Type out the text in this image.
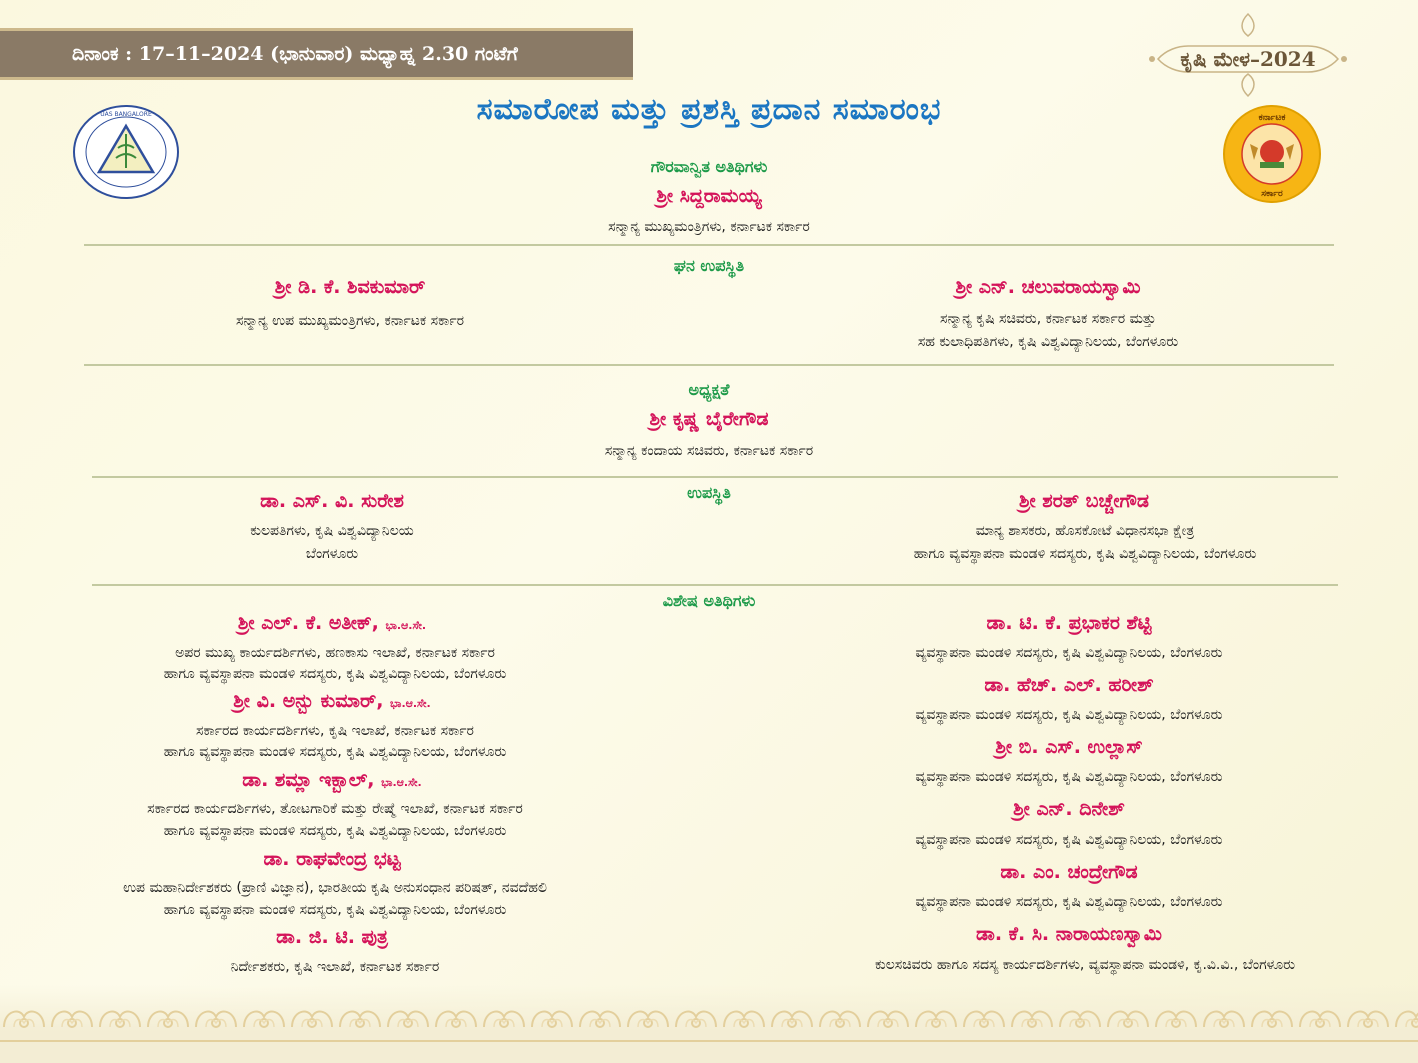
ದಿನಾಂಕ : 17–11–2024 (ಭಾನುವಾರ) ಮಧ್ಯಾಹ್ನ 2.30 ಗಂಟೆಗೆ	ಕೃಷಿ ಮೇಳ–2024
UAS BANGALORE	ಸಮಾರೋಪ ಮತ್ತು ಪ್ರಶಸ್ತಿ ಪ್ರದಾನ ಸಮಾರಂಭ	ಕರ್ನಾಟಕ
ಸರ್ಕಾರ
ಗೌರವಾನ್ವಿತ ಅತಿಥಿಗಳು
ಶ್ರೀ ಸಿದ್ದರಾಮಯ್ಯ
ಸನ್ಮಾನ್ಯ ಮುಖ್ಯಮಂತ್ರಿಗಳು, ಕರ್ನಾಟಕ ಸರ್ಕಾರ
ಘನ ಉಪಸ್ಥಿತಿ
ಶ್ರೀ ಡಿ. ಕೆ. ಶಿವಕುಮಾರ್
ಸನ್ಮಾನ್ಯ ಉಪ ಮುಖ್ಯಮಂತ್ರಿಗಳು, ಕರ್ನಾಟಕ ಸರ್ಕಾರ
ಶ್ರೀ ಎನ್. ಚಲುವರಾಯಸ್ವಾಮಿ
ಸನ್ಮಾನ್ಯ ಕೃಷಿ ಸಚಿವರು, ಕರ್ನಾಟಕ ಸರ್ಕಾರ ಮತ್ತು
ಸಹ ಕುಲಾಧಿಪತಿಗಳು, ಕೃಷಿ ವಿಶ್ವವಿದ್ಯಾನಿಲಯ, ಬೆಂಗಳೂರು
ಅಧ್ಯಕ್ಷತೆ
ಶ್ರೀ ಕೃಷ್ಣ ಬೈರೇಗೌಡ
ಸನ್ಮಾನ್ಯ ಕಂದಾಯ ಸಚಿವರು, ಕರ್ನಾಟಕ ಸರ್ಕಾರ
ಉಪಸ್ಥಿತಿ
ಡಾ. ಎಸ್. ವಿ. ಸುರೇಶ
ಕುಲಪತಿಗಳು, ಕೃಷಿ ವಿಶ್ವವಿದ್ಯಾನಿಲಯ
ಬೆಂಗಳೂರು
ಶ್ರೀ ಶರತ್ ಬಚ್ಚೇಗೌಡ
ಮಾನ್ಯ ಶಾಸಕರು, ಹೊಸಕೋಟೆ ವಿಧಾನಸಭಾ ಕ್ಷೇತ್ರ
ಹಾಗೂ ವ್ಯವಸ್ಥಾಪನಾ ಮಂಡಳಿ ಸದಸ್ಯರು, ಕೃಷಿ ವಿಶ್ವವಿದ್ಯಾನಿಲಯ, ಬೆಂಗಳೂರು
ವಿಶೇಷ ಅತಿಥಿಗಳು
ಶ್ರೀ ಎಲ್. ಕೆ. ಅತೀಕ್, ಭಾ.ಆ.ಸೇ.
ಅಪರ ಮುಖ್ಯ ಕಾರ್ಯದರ್ಶಿಗಳು, ಹಣಕಾಸು ಇಲಾಖೆ, ಕರ್ನಾಟಕ ಸರ್ಕಾರ
ಹಾಗೂ ವ್ಯವಸ್ಥಾಪನಾ ಮಂಡಳಿ ಸದಸ್ಯರು, ಕೃಷಿ ವಿಶ್ವವಿದ್ಯಾನಿಲಯ, ಬೆಂಗಳೂರು
ಶ್ರೀ ವಿ. ಅನ್ಬು ಕುಮಾರ್, ಭಾ.ಆ.ಸೇ.
ಸರ್ಕಾರದ ಕಾರ್ಯದರ್ಶಿಗಳು, ಕೃಷಿ ಇಲಾಖೆ, ಕರ್ನಾಟಕ ಸರ್ಕಾರ
ಹಾಗೂ ವ್ಯವಸ್ಥಾಪನಾ ಮಂಡಳಿ ಸದಸ್ಯರು, ಕೃಷಿ ವಿಶ್ವವಿದ್ಯಾನಿಲಯ, ಬೆಂಗಳೂರು
ಡಾ. ಶಮ್ಲಾ ಇಕ್ಬಾಲ್, ಭಾ.ಆ.ಸೇ.
ಸರ್ಕಾರದ ಕಾರ್ಯದರ್ಶಿಗಳು, ತೋಟಗಾರಿಕೆ ಮತ್ತು ರೇಷ್ಮೆ ಇಲಾಖೆ, ಕರ್ನಾಟಕ ಸರ್ಕಾರ
ಹಾಗೂ ವ್ಯವಸ್ಥಾಪನಾ ಮಂಡಳಿ ಸದಸ್ಯರು, ಕೃಷಿ ವಿಶ್ವವಿದ್ಯಾನಿಲಯ, ಬೆಂಗಳೂರು
ಡಾ. ರಾಘವೇಂದ್ರ ಭಟ್ಟ
ಉಪ ಮಹಾನಿರ್ದೇಶಕರು (ಪ್ರಾಣಿ ವಿಜ್ಞಾನ), ಭಾರತೀಯ ಕೃಷಿ ಅನುಸಂಧಾನ ಪರಿಷತ್, ನವದೆಹಲಿ
ಹಾಗೂ ವ್ಯವಸ್ಥಾಪನಾ ಮಂಡಳಿ ಸದಸ್ಯರು, ಕೃಷಿ ವಿಶ್ವವಿದ್ಯಾನಿಲಯ, ಬೆಂಗಳೂರು
ಡಾ. ಜಿ. ಟಿ. ಪುತ್ರ
ನಿರ್ದೇಶಕರು, ಕೃಷಿ ಇಲಾಖೆ, ಕರ್ನಾಟಕ ಸರ್ಕಾರ
ಡಾ. ಟಿ. ಕೆ. ಪ್ರಭಾಕರ ಶೆಟ್ಟಿ
ವ್ಯವಸ್ಥಾಪನಾ ಮಂಡಳಿ ಸದಸ್ಯರು, ಕೃಷಿ ವಿಶ್ವವಿದ್ಯಾನಿಲಯ, ಬೆಂಗಳೂರು
ಡಾ. ಹೆಚ್. ಎಲ್. ಹರೀಶ್
ವ್ಯವಸ್ಥಾಪನಾ ಮಂಡಳಿ ಸದಸ್ಯರು, ಕೃಷಿ ವಿಶ್ವವಿದ್ಯಾನಿಲಯ, ಬೆಂಗಳೂರು
ಶ್ರೀ ಬಿ. ಎಸ್. ಉಲ್ಲಾಸ್
ವ್ಯವಸ್ಥಾಪನಾ ಮಂಡಳಿ ಸದಸ್ಯರು, ಕೃಷಿ ವಿಶ್ವವಿದ್ಯಾನಿಲಯ, ಬೆಂಗಳೂರು
ಶ್ರೀ ಎನ್. ದಿನೇಶ್
ವ್ಯವಸ್ಥಾಪನಾ ಮಂಡಳಿ ಸದಸ್ಯರು, ಕೃಷಿ ವಿಶ್ವವಿದ್ಯಾನಿಲಯ, ಬೆಂಗಳೂರು
ಡಾ. ಎಂ. ಚಂದ್ರೇಗೌಡ
ವ್ಯವಸ್ಥಾಪನಾ ಮಂಡಳಿ ಸದಸ್ಯರು, ಕೃಷಿ ವಿಶ್ವವಿದ್ಯಾನಿಲಯ, ಬೆಂಗಳೂರು
ಡಾ. ಕೆ. ಸಿ. ನಾರಾಯಣಸ್ವಾಮಿ
ಕುಲಸಚಿವರು ಹಾಗೂ ಸದಸ್ಯ ಕಾರ್ಯದರ್ಶಿಗಳು, ವ್ಯವಸ್ಥಾಪನಾ ಮಂಡಳಿ, ಕೃ.ವಿ.ವಿ., ಬೆಂಗಳೂರು
